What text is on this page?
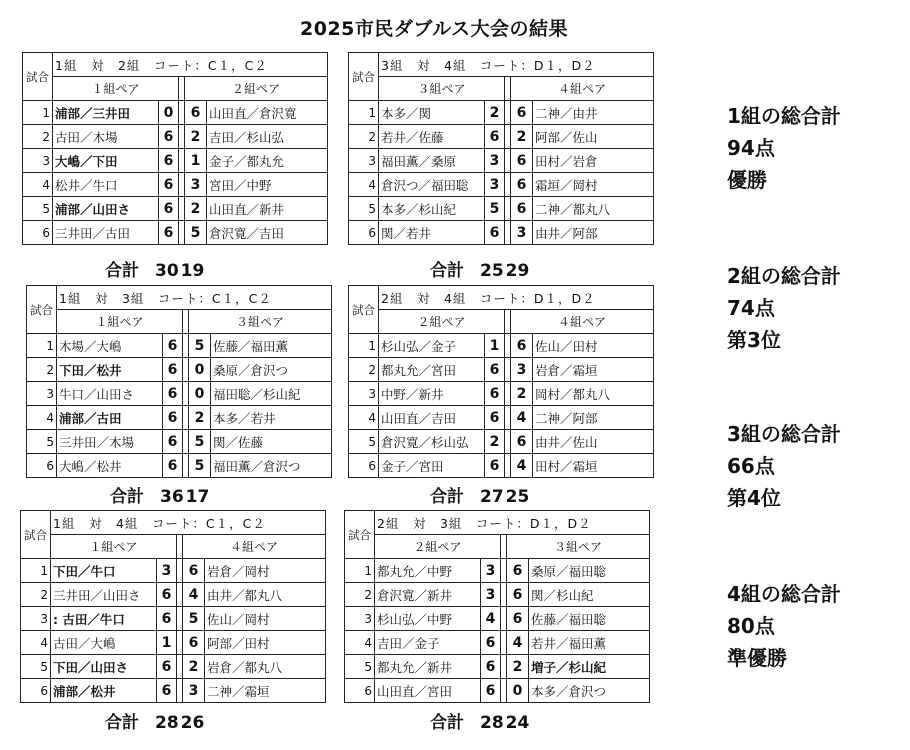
2025市民ダブルス大会の結果
試合	1組　対　2組　コート：C１，C２				
	１組ペア			２組ペア	
1	浦部／三井田	0		6	山田直／倉沢寛
2	古田／木場	6		2	吉田／杉山弘
3	大嶋／下田	6		1	金子／都丸允
4	松井／牛口	6		3	宮田／中野
5	浦部／山田さ	6		2	山田直／新井
6	三井田／古田	6		5	倉沢寛／吉田
合計 30 19
試合	3組　対　4組　コート：D１，D２				
	３組ペア			４組ペア	
1	本多／関	2		6	二神／由井
2	若井／佐藤	6		2	阿部／佐山
3	福田薫／桑原	3		6	田村／岩倉
4	倉沢つ／福田聡	3		6	霜垣／岡村
5	本多／杉山紀	5		6	二神／都丸八
6	関／若井	6		3	由井／阿部
合計 25 29
試合	1組　対　3組　コート：C１，C２				
	１組ペア			３組ペア	
1	木場／大嶋	6		5	佐藤／福田薫
2	下田／松井	6		0	桑原／倉沢つ
3	牛口／山田さ	6		0	福田聡／杉山紀
4	浦部／古田	6		2	本多／若井
5	三井田／木場	6		5	関／佐藤
6	大嶋／松井	6		5	福田薫／倉沢つ
合計 36 17
試合	2組　対　4組　コート：D１，D２				
	２組ペア			４組ペア	
1	杉山弘／金子	1		6	佐山／田村
2	都丸允／宮田	6		3	岩倉／霜垣
3	中野／新井	6		2	岡村／都丸八
4	山田直／吉田	6		4	二神／阿部
5	倉沢寛／杉山弘	2		6	由井／佐山
6	金子／宮田	6		4	田村／霜垣
合計 27 25
試合	1組　対　4組　コート：C１，C２				
	１組ペア			４組ペア	
1	下田／牛口	3		6	岩倉／岡村
2	三井田／山田さ	6		4	由井／都丸八
3	: 古田／牛口	6		5	佐山／岡村
4	古田／大嶋	1		6	阿部／田村
5	下田／山田さ	6		2	岩倉／都丸八
6	浦部／松井	6		3	二神／霜垣
合計 28 26
試合	2組　対　3組　コート：D１，D２				
	２組ペア			３組ペア	
1	都丸允／中野	3		6	桑原／福田聡
2	倉沢寛／新井	3		6	関／杉山紀
3	杉山弘／中野	4		6	佐藤／福田聡
4	吉田／金子	6		4	若井／福田薫
5	都丸允／新井	6		2	増子／杉山紀
6	山田直／宮田	6		0	本多／倉沢つ
合計 28 24
1組の総合計
94点
優勝
2組の総合計
74点
第3位
3組の総合計
66点
第4位
4組の総合計
80点
準優勝
